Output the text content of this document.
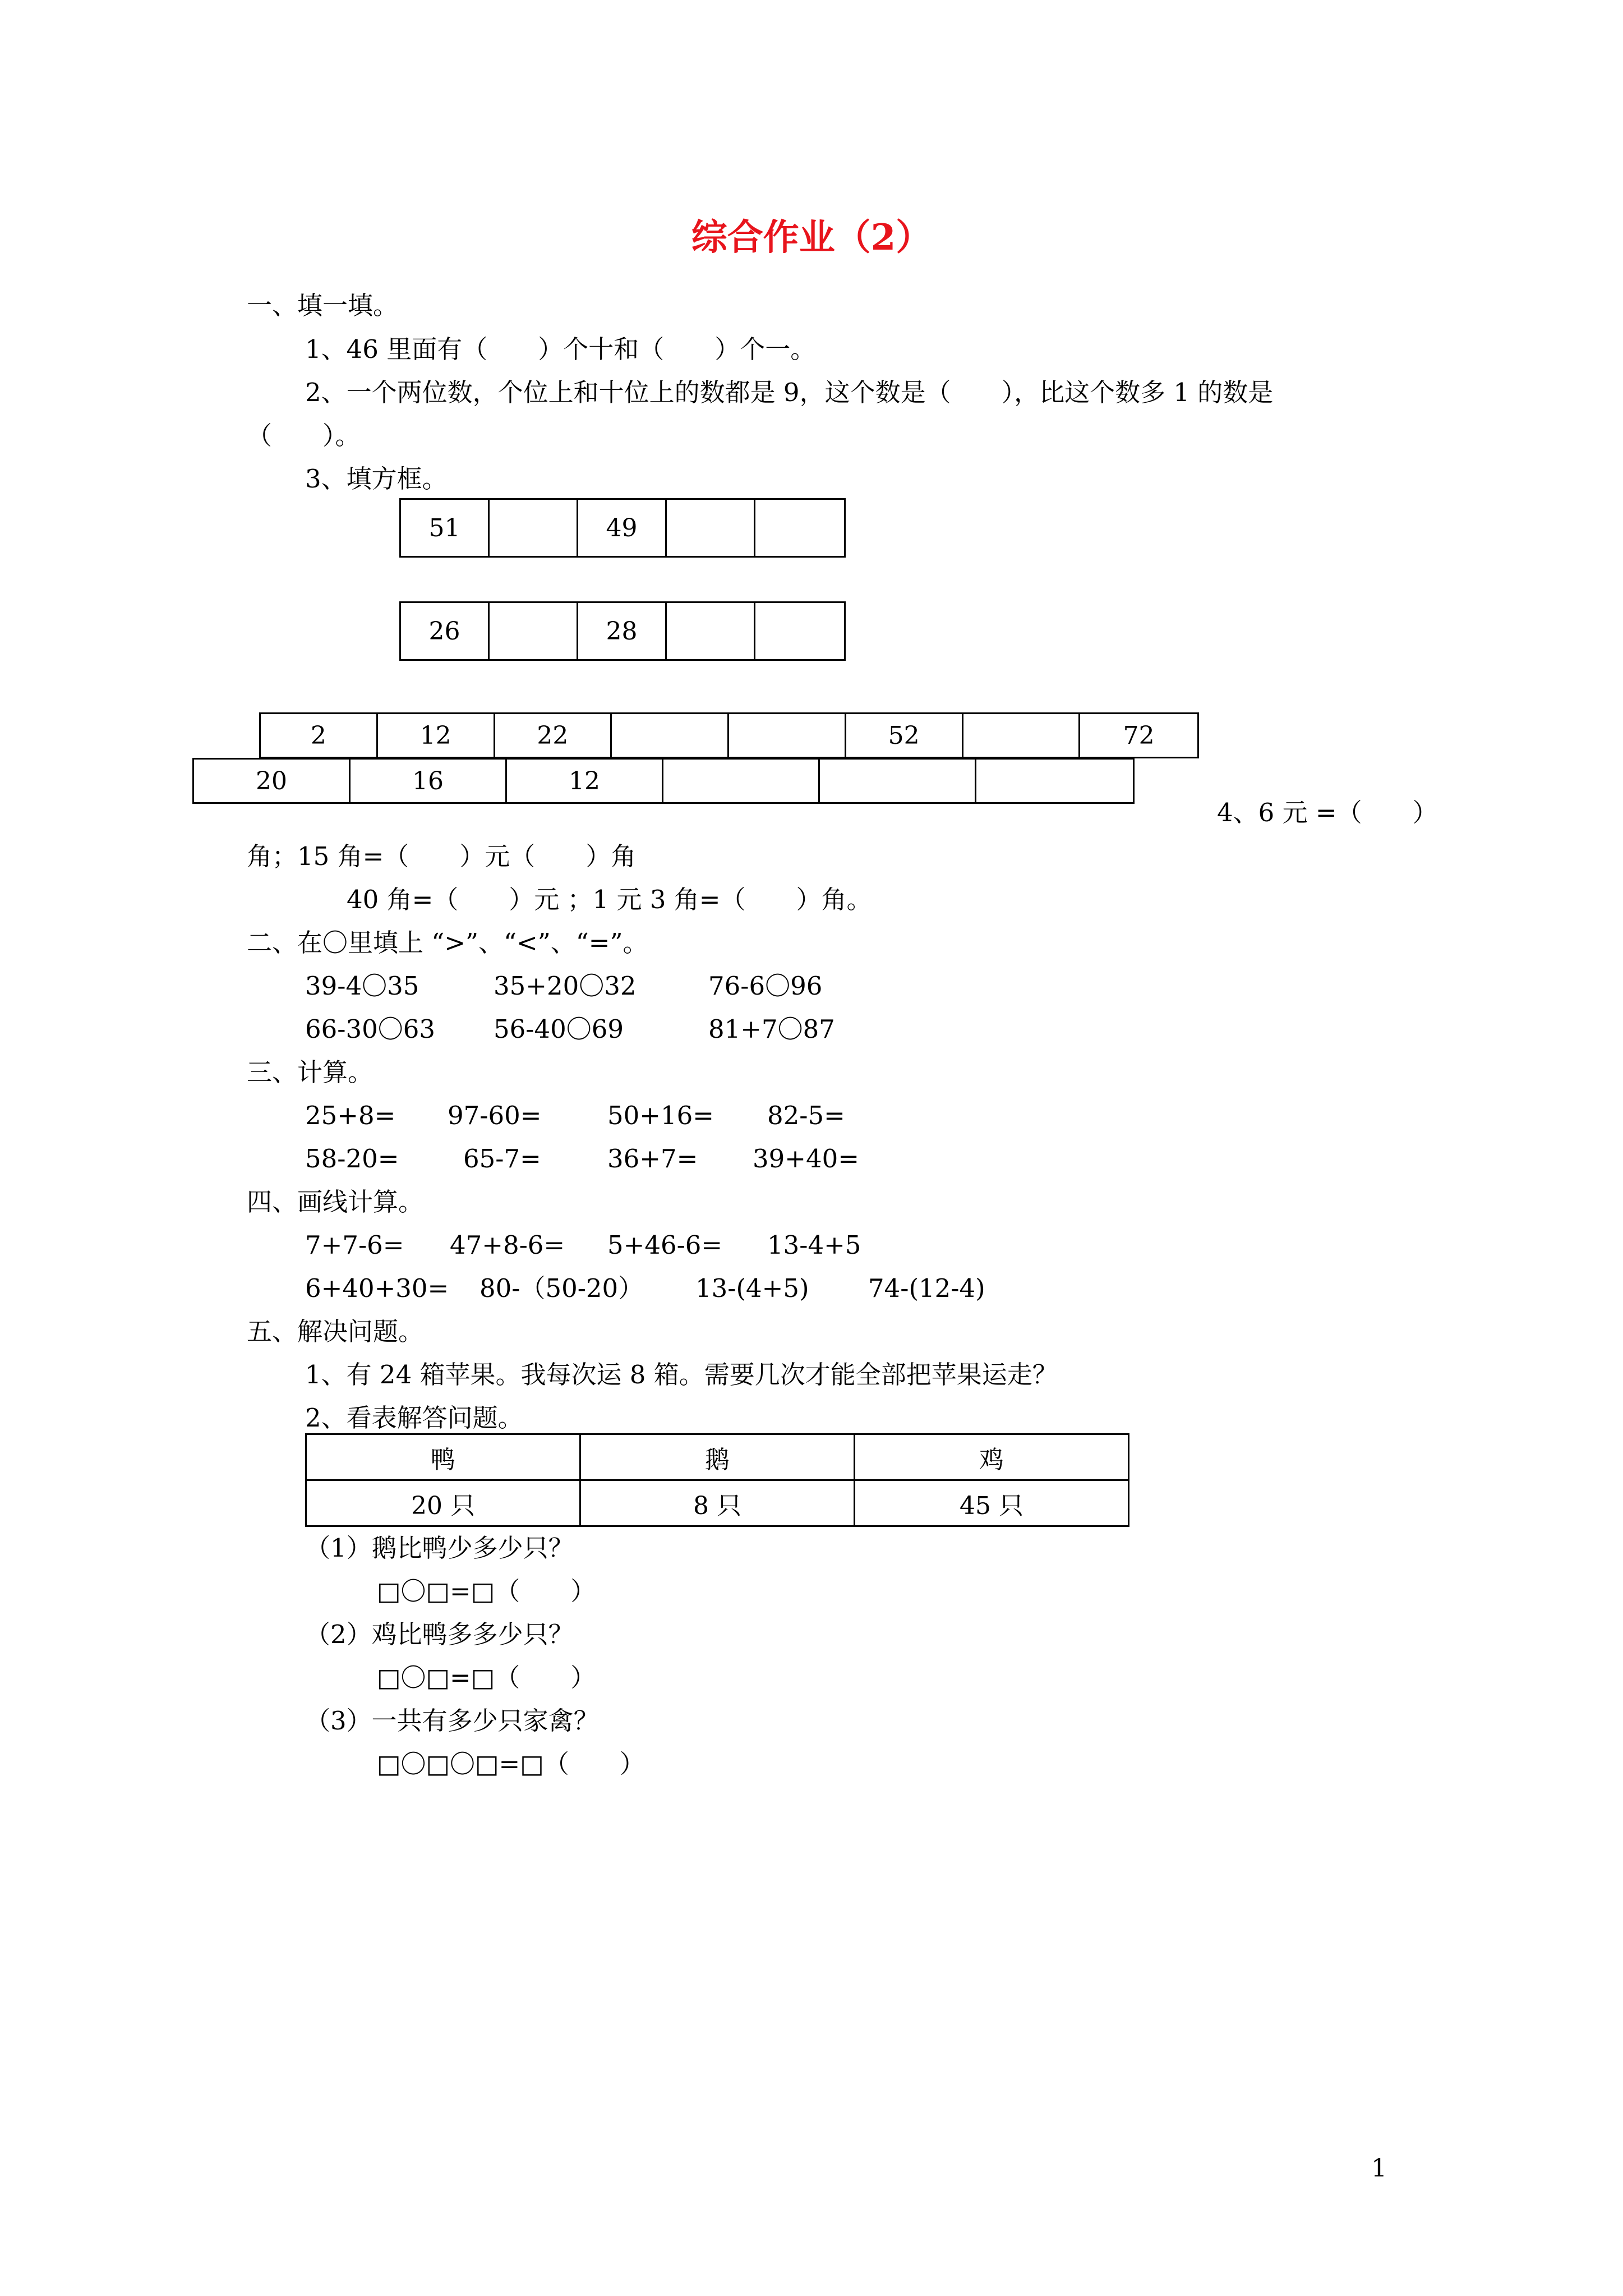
综合作业（2）
一、填一填。
1、46 里面有（　　）个十和（　　）个一。
2、一个两位数，个位上和十位上的数都是 9，这个数是（　　），比这个数多 1 的数是
（　　）。
3、填方框。
51	49
26	28
2	12	22	52	72
20	16	12
4、6 元 =（　　）
角；15 角=（　　）元（　　）角
40 角=（　　）元 ；1 元 3 角=（　　）角。
二、在〇里填上 “>”、“<”、“=”。
39-4〇35	35+20〇32	76-6〇96
66-30〇63 56-40〇69	81+7〇87
三、计算。
25+8= 97-60=	50+16= 82-5=
58-20=	65-7=	36+7= 39+40=
四、画线计算。
7+7-6= 47+8-6= 5+46-6= 13-4+5
6+40+30= 80-（50-20） 13-(4+5) 74-(12-4)
五、解决问题。
1、有 24 箱苹果。我每次运 8 箱。需要几次才能全部把苹果运走？
2、看表解答问题。
鸭	鹅	鸡
20 只	8 只	45 只
（1）鹅比鸭少多少只？
□〇□=□（　　）
（2）鸡比鸭多多少只？
□〇□=□（　　）
（3）一共有多少只家禽？
□〇□〇□=□（　　）
1
